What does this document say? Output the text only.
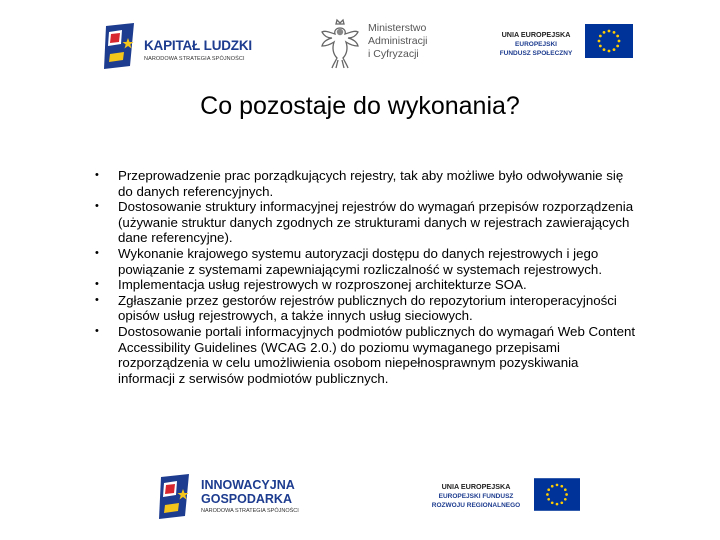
KAPITAŁ LUDZKI
NARODOWA STRATEGIA SPÓJNOŚCI
Ministerstwo
Administracji
i Cyfryzacji
UNIA EUROPEJSKA
EUROPEJSKI
FUNDUSZ SPOŁECZNY
Co pozostaje do wykonania?
• Przeprowadzenie prac porządkujących rejestry, tak aby możliwe było odwoływanie się do danych referencyjnych.
• Dostosowanie struktury informacyjnej rejestrów do wymagań przepisów rozporządzenia (używanie struktur danych zgodnych ze strukturami danych w rejestrach zawierających dane referencyjne).
• Wykonanie krajowego systemu autoryzacji dostępu do danych rejestrowych i jego powiązanie z systemami zapewniającymi rozliczalność w systemach rejestrowych.
• Implementacja usług rejestrowych w rozproszonej architekturze SOA.
• Zgłaszanie przez gestorów rejestrów publicznych do repozytorium interoperacyjności opisów usług rejestrowych, a także innych usług sieciowych.
• Dostosowanie portali informacyjnych podmiotów publicznych do wymagań Web Content Accessibility Guidelines (WCAG 2.0.) do poziomu wymaganego przepisami rozporządzenia w celu umożliwienia osobom niepełnosprawnym pozyskiwania informacji z serwisów podmiotów publicznych.
INNOWACYJNA
GOSPODARKA
NARODOWA STRATEGIA SPÓJNOŚCI
UNIA EUROPEJSKA
EUROPEJSKI FUNDUSZ
ROZWOJU REGIONALNEGO
